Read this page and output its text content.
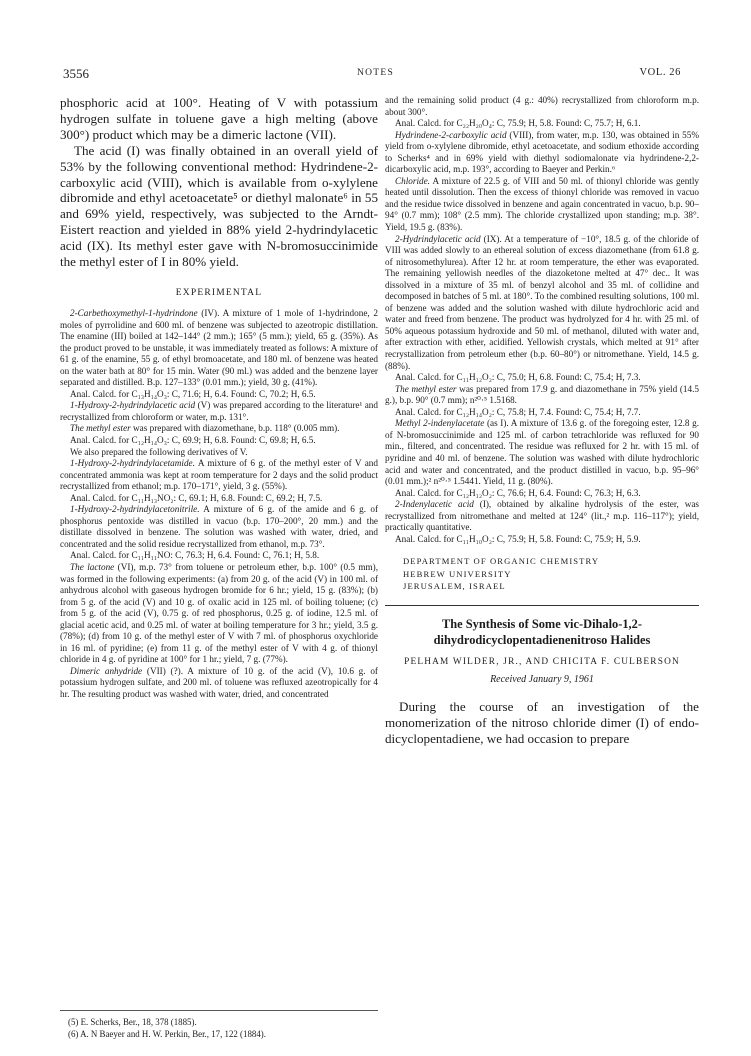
3556	NOTES	VOL. 26

phosphoric acid at 100°. Heating of V with potassium hydrogen sulfate in toluene gave a high melting (above 300°) product which may be a dimeric lactone (VII).

The acid (I) was finally obtained in an overall yield of 53% by the following conventional method: Hydrindene-2-carboxylic acid (VIII), which is available from o-xylylene dibromide and ethyl acetoacetate⁵ or diethyl malonate⁶ in 55 and 69% yield, respectively, was subjected to the Arndt-Eistert reaction and yielded in 88% yield 2-hydrindylacetic acid (IX). Its methyl ester gave with N-bromosuccinimide the methyl ester of I in 80% yield.

EXPERIMENTAL

2-Carbethoxymethyl-1-hydrindone (IV). A mixture of 1 mole of 1-hydrindone, 2 moles of pyrrolidine and 600 ml. of benzene was subjected to azeotropic distillation. The enamine (III) boiled at 142–144° (2 mm.); 165° (5 mm.); yield, 65 g. (35%). As the product proved to be unstable, it was immediately treated as follows: A mixture of 61 g. of the enamine, 55 g. of ethyl bromoacetate, and 180 ml. of benzene was heated on the water bath at 80° for 15 min. Water (90 ml.) was added and the benzene layer separated and distilled. B.p. 127–133° (0.01 mm.); yield, 30 g. (41%).

Anal. Calcd. for C₁₃H₁₄O₃: C, 71.6; H, 6.4. Found: C, 70.2; H, 6.5.

1-Hydroxy-2-hydrindylacetic acid (V) was prepared according to the literature¹ and recrystallized from chloroform or water, m.p. 131°.

The methyl ester was prepared with diazomethane, b.p. 118° (0.005 mm).

Anal. Calcd. for C₁₂H₁₄O₃: C, 69.9; H, 6.8. Found: C, 69.8; H, 6.5.

We also prepared the following derivatives of V.

1-Hydroxy-2-hydrindylacetamide. A mixture of 6 g. of the methyl ester of V and concentrated ammonia was kept at room temperature for 2 days and the solid product recrystallized from ethanol; m.p. 170–171°, yield, 3 g. (55%).

Anal. Calcd. for C₁₁H₁₃NO₂: C, 69.1; H, 6.8. Found: C, 69.2; H, 7.5.

1-Hydroxy-2-hydrindylacetonitrile. A mixture of 6 g. of the amide and 6 g. of phosphorus pentoxide was distilled in vacuo (b.p. 170–200°, 20 mm.) and the distillate dissolved in benzene. The solution was washed with water, dried, and concentrated and the solid residue recrystallized from ethanol, m.p. 73°.

Anal. Calcd. for C₁₁H₁₁NO: C, 76.3; H, 6.4. Found: C, 76.1; H, 5.8.

The lactone (VI), m.p. 73° from toluene or petroleum ether, b.p. 100° (0.5 mm), was formed in the following experiments: (a) from 20 g. of the acid (V) in 100 ml. of anhydrous alcohol with gaseous hydrogen bromide for 6 hr.; yield, 15 g. (83%); (b) from 5 g. of the acid (V) and 10 g. of oxalic acid in 125 ml. of boiling toluene; (c) from 5 g. of the acid (V), 0.75 g. of red phosphorus, 0.25 g. of iodine, 12.5 ml. of glacial acetic acid, and 0.25 ml. of water at boiling temperature for 3 hr.; yield, 3.5 g. (78%); (d) from 10 g. of the methyl ester of V with 7 ml. of phosphorus oxychloride in 16 ml. of pyridine; (e) from 11 g. of the methyl ester of V with 4 g. of thionyl chloride in 4 g. of pyridine at 100° for 1 hr.; yield, 7 g. (77%).

Dimeric anhydride (VII) (?). A mixture of 10 g. of the acid (V), 10.6 g. of potassium hydrogen sulfate, and 200 ml. of toluene was refluxed azeotropically for 4 hr. The resulting product was washed with water, dried, and concentrated

(5) E. Scherks, Ber., 18, 378 (1885).

(6) A. N Baeyer and H. W. Perkin, Ber., 17, 122 (1884).

and the remaining solid product (4 g.: 40%) recrystallized from chloroform m.p. about 300°.

Anal. Calcd. for C₂₂H₂₀O₄: C, 75.9; H, 5.8. Found: C, 75.7; H, 6.1.

Hydrindene-2-carboxylic acid (VIII), from water, m.p. 130, was obtained in 55% yield from o-xylylene dibromide, ethyl acetoacetate, and sodium ethoxide according to Scherks⁴ and in 69% yield with diethyl sodiomalonate via hydrindene-2,2-dicarboxylic acid, m.p. 193°, according to Baeyer and Perkin.⁶

Chloride. A mixture of 22.5 g. of VIII and 50 ml. of thionyl chloride was gently heated until dissolution. Then the excess of thionyl chloride was removed in vacuo and the residue twice dissolved in benzene and again concentrated in vacuo, b.p. 90–94° (0.7 mm); 108° (2.5 mm). The chloride crystallized upon standing; m.p. 38°. Yield, 19.5 g. (83%).

2-Hydrindylacetic acid (IX). At a temperature of −10°, 18.5 g. of the chloride of VIII was added slowly to an ethereal solution of excess diazomethane (from 61.8 g. of nitrosomethylurea). After 12 hr. at room temperature, the ether was evaporated. The remaining yellowish needles of the diazoketone melted at 47° dec.. It was dissolved in a mixture of 35 ml. of benzyl alcohol and 35 ml. of collidine and decomposed in batches of 5 ml. at 180°. To the combined resulting solutions, 100 ml. of benzene was added and the solution washed with dilute hydrochloric acid and water and freed from benzene. The product was hydrolyzed for 4 hr. with 25 ml. of 50% aqueous potassium hydroxide and 50 ml. of methanol, diluted with water and, after extraction with ether, acidified. Yellowish crystals, which melted at 91° after recrystallization from petroleum ether (b.p. 60–80°) or nitromethane. Yield, 14.5 g. (88%).

Anal. Calcd. for C₁₁H₁₂O₂: C, 75.0; H, 6.8. Found: C, 75.4; H, 7.3.

The methyl ester was prepared from 17.9 g. and diazomethane in 75% yield (14.5 g.), b.p. 90° (0.7 mm); n²⁰·⁵ 1.5168.

Anal. Calcd. for C₁₂H₁₄O₂: C, 75.8; H, 7.4. Found: C, 75.4; H, 7.7.

Methyl 2-indenylacetate (as I). A mixture of 13.6 g. of the foregoing ester, 12.8 g. of N-bromosuccinimide and 125 ml. of carbon tetrachloride was refluxed for 90 min., filtered, and concentrated. The residue was refluxed for 2 hr. with 15 ml. of pyridine and 40 ml. of benzene. The solution was washed with dilute hydrochloric acid and water and concentrated, and the product distilled in vacuo, b.p. 95–96° (0.01 mm.);² n²⁰·⁵ 1.5441. Yield, 11 g. (80%).

Anal. Calcd. for C₁₂H₁₂O₂: C, 76.6; H, 6.4. Found: C, 76.3; H, 6.3.

2-Indenylacetic acid (I), obtained by alkaline hydrolysis of the ester, was recrystallized from nitromethane and melted at 124° (lit.,² m.p. 116–117°); yield, practically quantitative.

Anal. Calcd. for C₁₁H₁₀O₂: C, 75.9; H, 5.8. Found: C, 75.9; H, 5.9.

DEPARTMENT OF ORGANIC CHEMISTRY
HEBREW UNIVERSITY
JERUSALEM, ISRAEL

The Synthesis of Some vic-Dihalo-1,2-dihydrodicyclopentadienenitroso Halides

PELHAM WILDER, JR., AND CHICITA F. CULBERSON

Received January 9, 1961

During the course of an investigation of the monomerization of the nitroso chloride dimer (I) of endo-dicyclopentadiene, we had occasion to prepare
